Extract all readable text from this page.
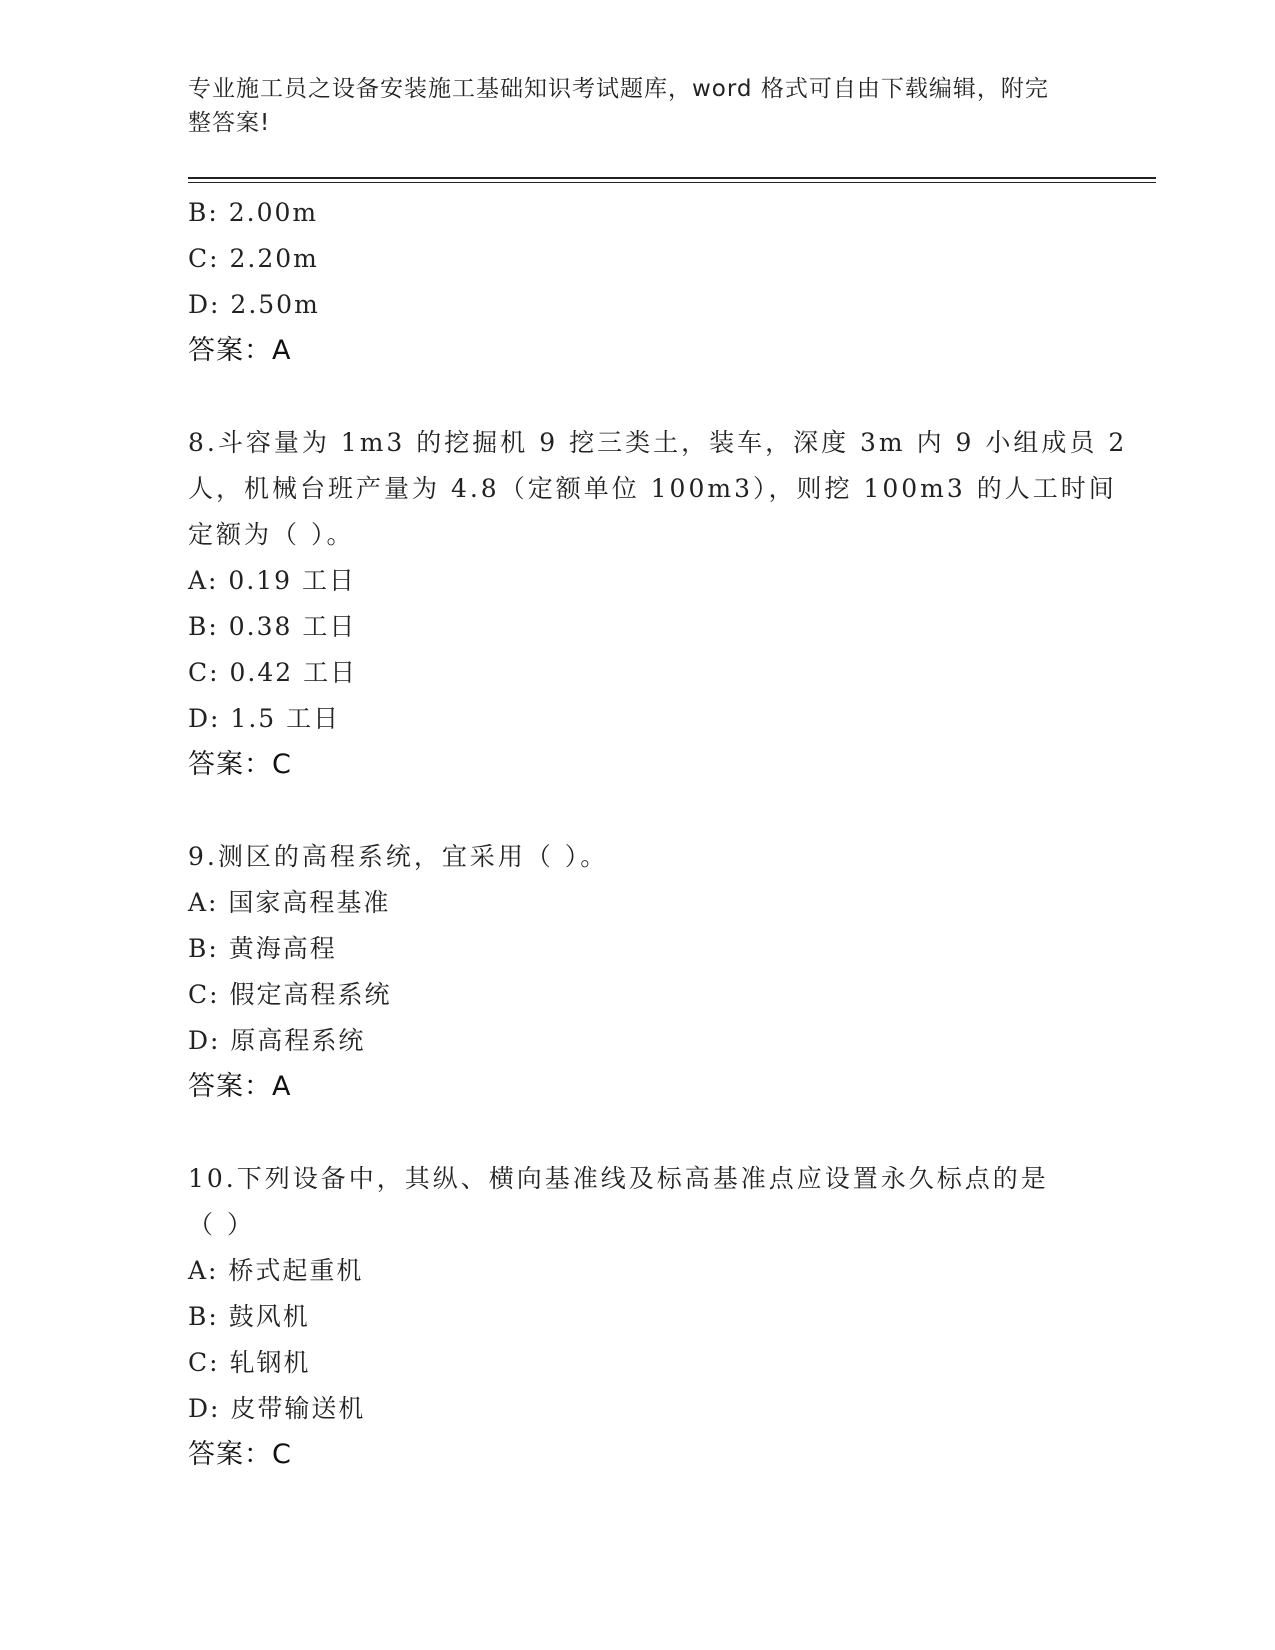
专业施工员之设备安装施工基础知识考试题库，word 格式可自由下载编辑，附完
整答案!
B: 2.00m
C: 2.20m
D: 2.50m
答案：A
8.斗容量为 1m3 的挖掘机 9 挖三类土，装车，深度 3m 内 9 小组成员 2
人，机械台班产量为 4.8（定额单位 100m3），则挖 100m3 的人工时间
定额为（ ）。
A: 0.19 工日
B: 0.38 工日
C: 0.42 工日
D: 1.5 工日
答案：C
9.测区的高程系统，宜采用（ ）。
A: 国家高程基准
B: 黄海高程
C: 假定高程系统
D: 原高程系统
答案：A
10.下列设备中，其纵、横向基准线及标高基准点应设置永久标点的是
（ ）
A: 桥式起重机
B: 鼓风机
C: 轧钢机
D: 皮带输送机
答案：C
